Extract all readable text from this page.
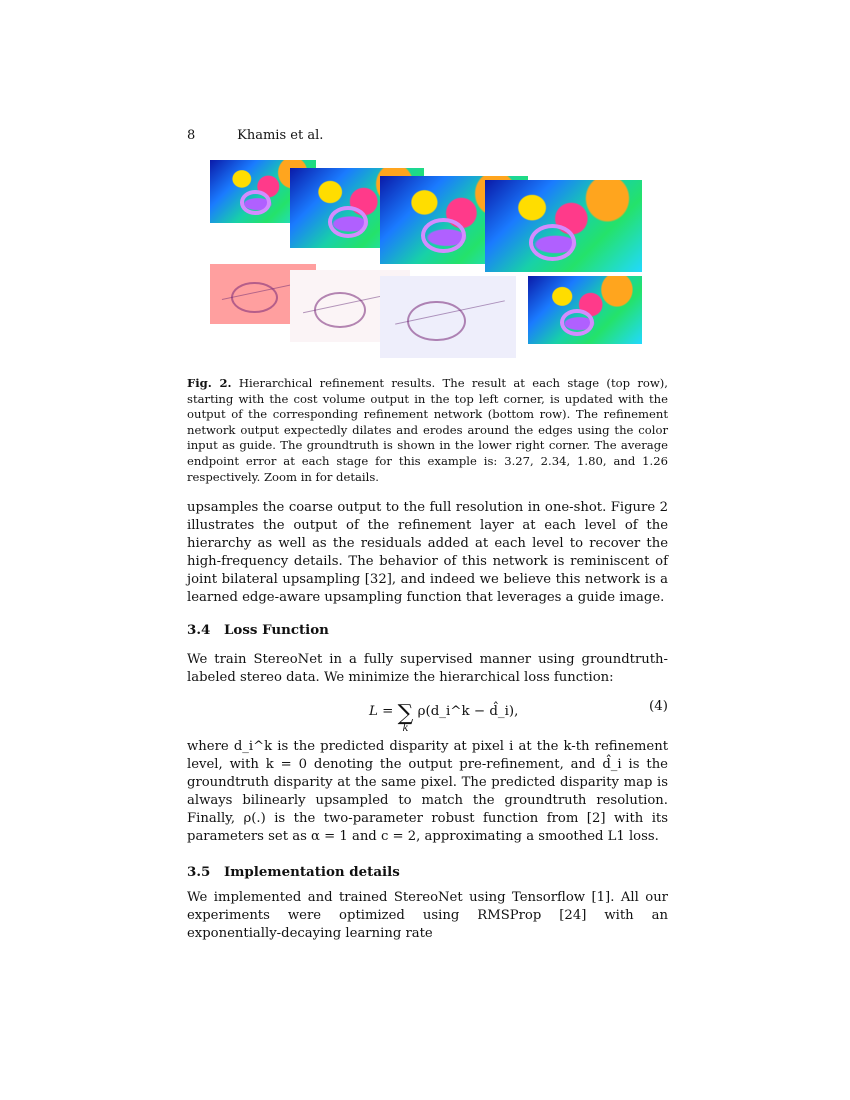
8	Khamis et al.
Fig. 2. Hierarchical refinement results. The result at each stage (top row), starting with the cost volume output in the top left corner, is updated with the output of the corresponding refinement network (bottom row). The refinement network output expectedly dilates and erodes around the edges using the color input as guide. The groundtruth is shown in the lower right corner. The average endpoint error at each stage for this example is: 3.27, 2.34, 1.80, and 1.26 respectively. Zoom in for details.

upsamples the coarse output to the full resolution in one-shot. Figure 2 illustrates the output of the refinement layer at each level of the hierarchy as well as the residuals added at each level to recover the high-frequency details. The behavior of this network is reminiscent of joint bilateral upsampling [32], and indeed we believe this network is a learned edge-aware upsampling function that leverages a guide image.

3.4 Loss Function

We train StereoNet in a fully supervised manner using groundtruth-labeled stereo data. We minimize the hierarchical loss function:

L = ∑
k
ρ(d_i^k − d̂_i),	(4)

where d_i^k is the predicted disparity at pixel i at the k-th refinement level, with k = 0 denoting the output pre-refinement, and d̂_i is the groundtruth disparity at the same pixel. The predicted disparity map is always bilinearly upsampled to match the groundtruth resolution. Finally, ρ(.) is the two-parameter robust function from [2] with its parameters set as α = 1 and c = 2, approximating a smoothed L1 loss.

3.5 Implementation details

We implemented and trained StereoNet using Tensorflow [1]. All our experiments were optimized using RMSProp [24] with an exponentially-decaying learning rate
